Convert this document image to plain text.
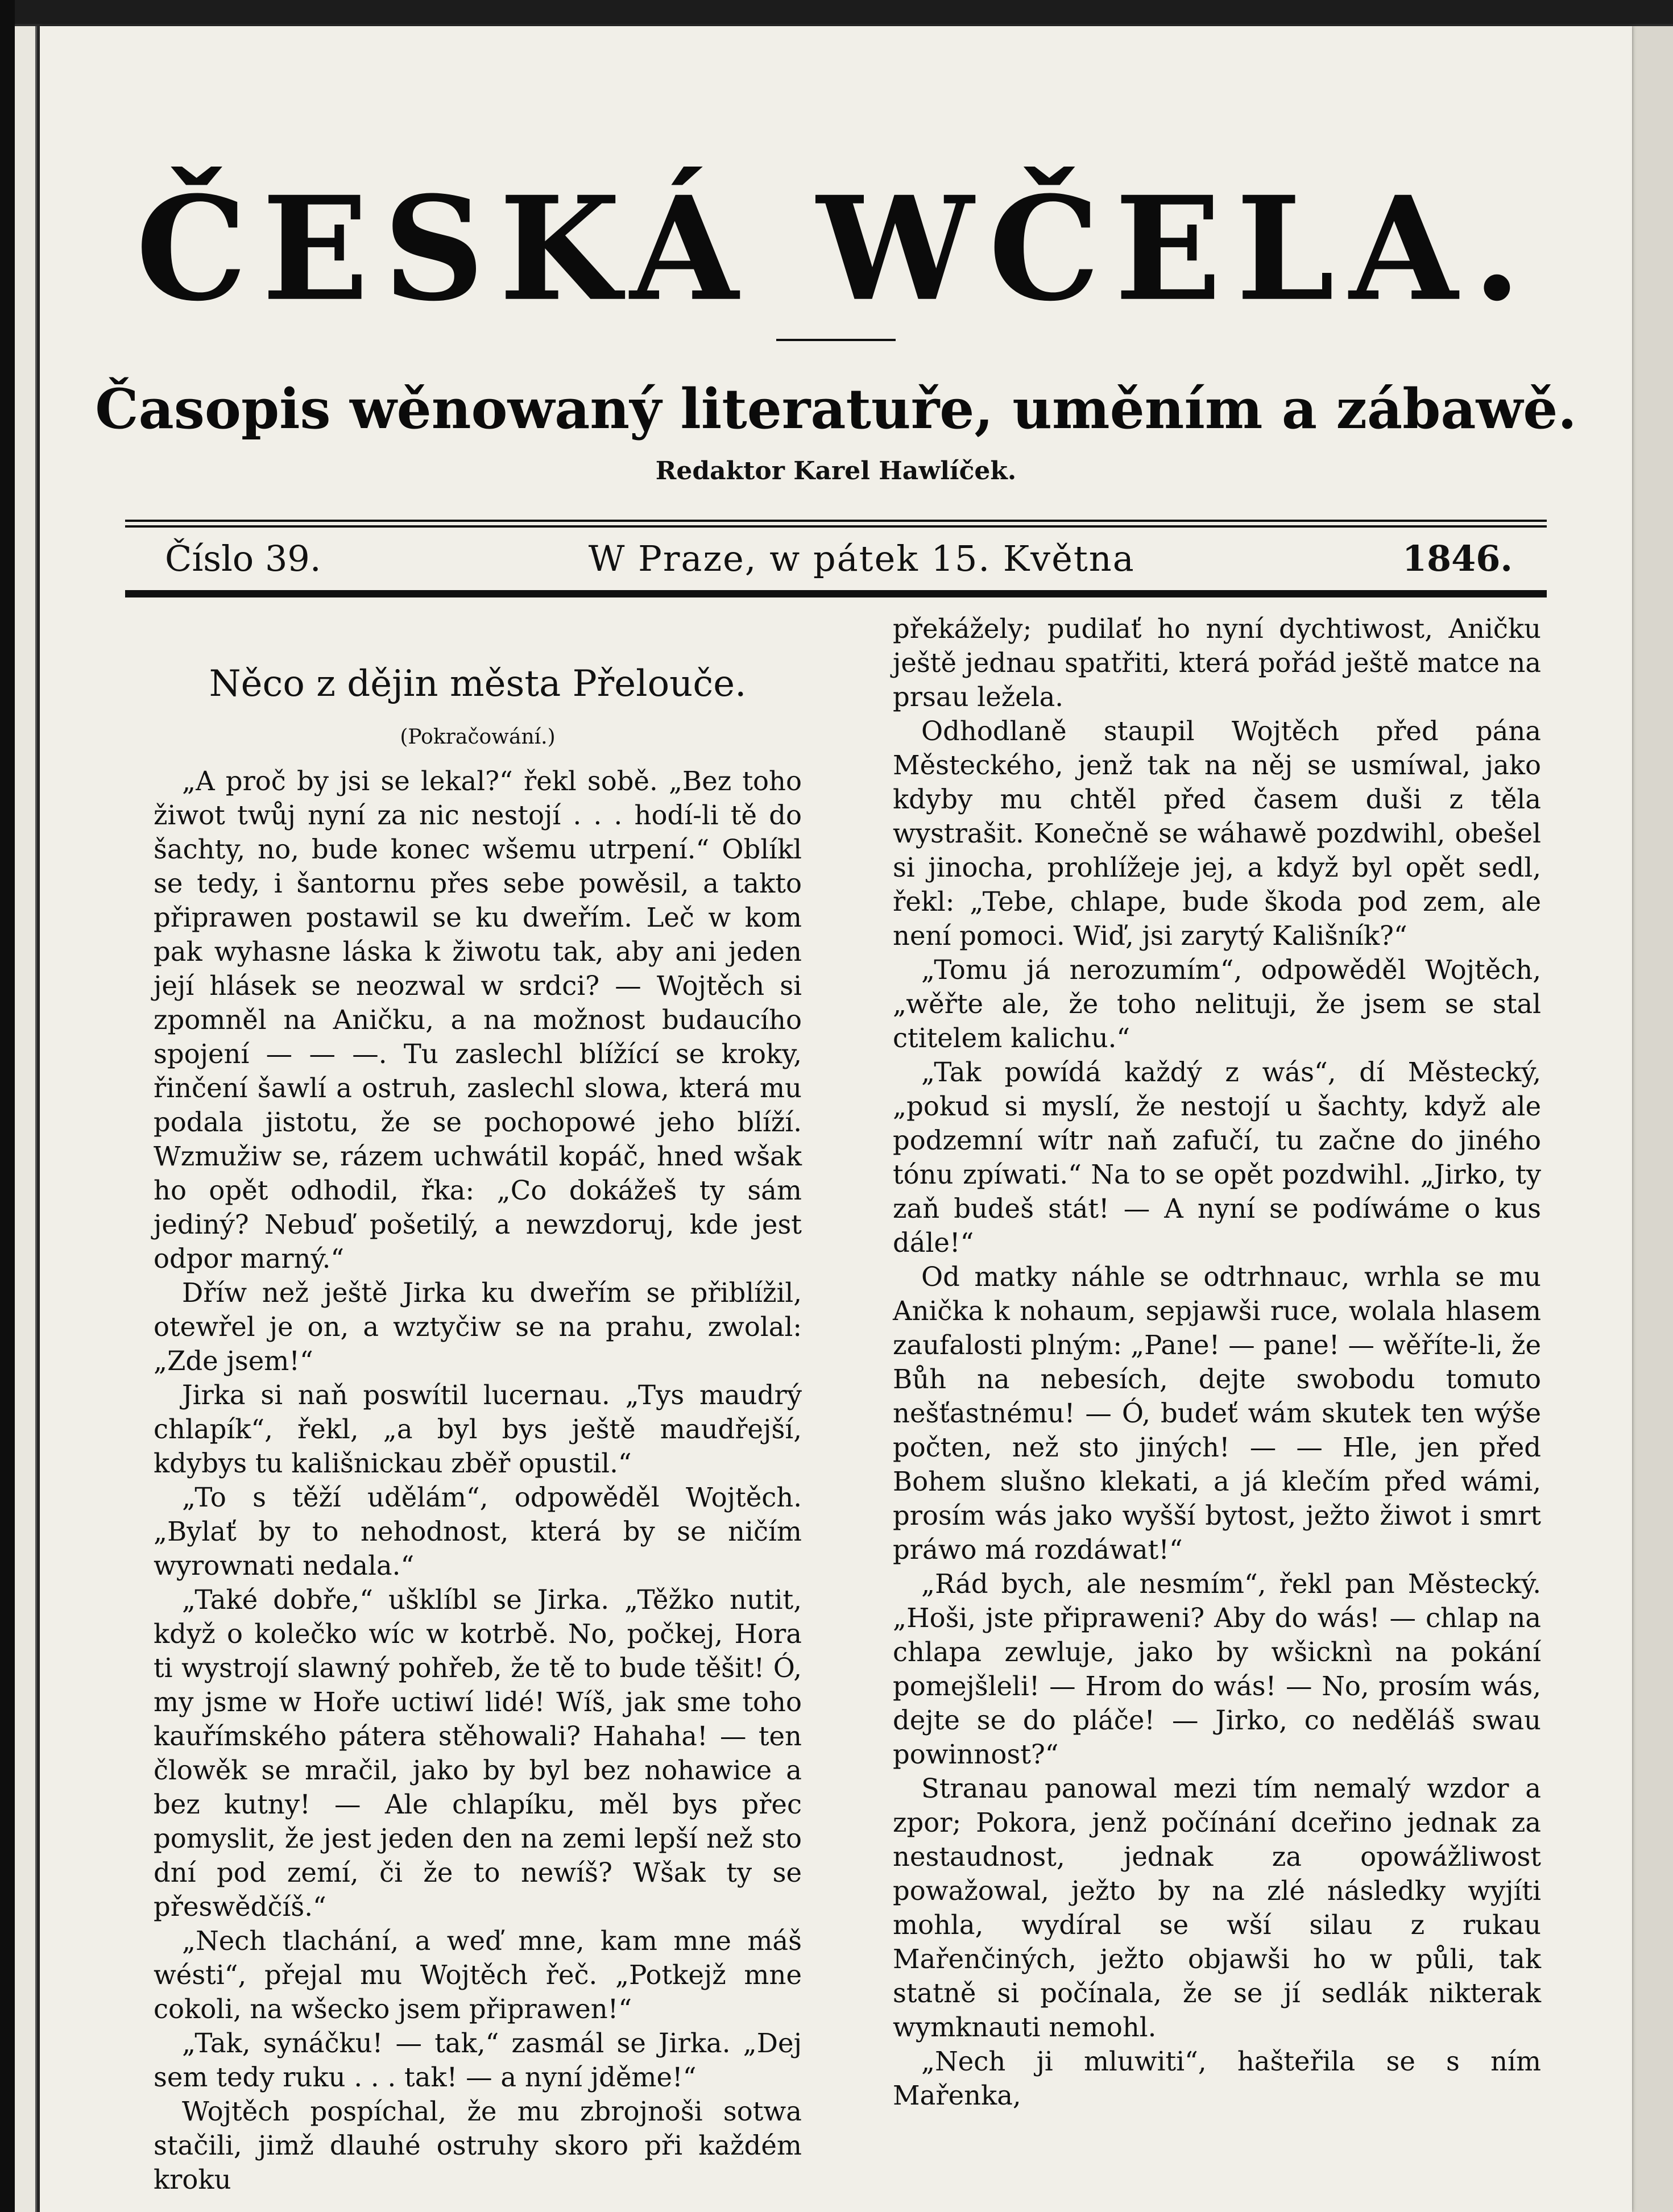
ČESKÁ WČELA.
Časopis wěnowaný literatuře, uměním a zábawě.
Redaktor Karel Hawlíček.
Číslo 39.	W Praze, w pátek 15. Května	1846.
Něco z dějin města Přelouče.
(Pokračowání.)

„A proč by jsi se lekal?“ řekl sobě. „Bez toho žiwot twůj nyní za nic nestojí . . . hodí-li tě do šachty, no, bude konec wšemu utrpení.“ Oblíkl se tedy, i šantornu přes sebe powěsil, a takto připrawen postawil se ku dweřím. Leč w kom pak wyhasne láska k žiwotu tak, aby ani jeden její hlásek se neozwal w srdci? — Wojtěch si zpomněl na Aničku, a na možnost budaucího spojení — — —. Tu zaslechl blížící se kroky, řinčení šawlí a ostruh, zaslechl slowa, která mu podala jistotu, že se pochopowé jeho blíží. Wzmužiw se, rázem uchwátil kopáč, hned wšak ho opět odhodil, řka: „Co dokážeš ty sám jediný? Nebuď pošetilý, a newzdoruj, kde jest odpor marný.“

Dříw než ještě Jirka ku dweřím se přiblížil, otewřel je on, a wztyčiw se na prahu, zwolal: „Zde jsem!“

Jirka si naň poswítil lucernau. „Tys maudrý chlapík“, řekl, „a byl bys ještě maudřejší, kdybys tu kališnickau zběř opustil.“

„To s těží udělám“, odpowěděl Wojtěch. „Bylať by to nehodnost, která by se ničím wyrownati nedala.“

„Také dobře,“ ušklíbl se Jirka. „Těžko nutit, když o kolečko wíc w kotrbě. No, počkej, Hora ti wystrojí slawný pohřeb, že tě to bude těšit! Ó, my jsme w Hoře uctiwí lidé! Wíš, jak sme toho kauřímského pátera stěhowali? Hahaha! — ten člowěk se mračil, jako by byl bez nohawice a bez kutny! — Ale chlapíku, měl bys přec pomyslit, že jest jeden den na zemi lepší než sto dní pod zemí, či že to newíš? Wšak ty se přeswědčíš.“

„Nech tlachání, a weď mne, kam mne máš wésti“, přejal mu Wojtěch řeč. „Potkejž mne cokoli, na wšecko jsem připrawen!“

„Tak, synáčku! — tak,“ zasmál se Jirka. „Dej sem tedy ruku . . . tak! — a nyní jděme!“

Wojtěch pospíchal, že mu zbrojnoši sotwa stačili, jimž dlauhé ostruhy skoro při každém kroku

překážely; pudilať ho nyní dychtiwost, Aničku ještě jednau spatřiti, která pořád ještě matce na prsau ležela.

Odhodlaně staupil Wojtěch před pána Městeckého, jenž tak na něj se usmíwal, jako kdyby mu chtěl před časem duši z těla wystrašit. Konečně se wáhawě pozdwihl, obešel si jinocha, prohlížeje jej, a když byl opět sedl, řekl: „Tebe, chlape, bude škoda pod zem, ale není pomoci. Wiď, jsi zarytý Kališník?“

„Tomu já nerozumím“, odpowěděl Wojtěch, „wěřte ale, že toho nelituji, že jsem se stal ctitelem kalichu.“

„Tak powídá každý z wás“, dí Městecký, „pokud si myslí, že nestojí u šachty, když ale podzemní wítr naň zafučí, tu začne do jiného tónu zpíwati.“ Na to se opět pozdwihl. „Jirko, ty zaň budeš stát! — A nyní se podíwáme o kus dále!“

Od matky náhle se odtrhnauc, wrhla se mu Anička k nohaum, sepjawši ruce, wolala hlasem zaufalosti plným: „Pane! — pane! — wěříte-li, že Bůh na nebesích, dejte swobodu tomuto nešťastnému! — Ó, budeť wám skutek ten wýše počten, než sto jiných! — — Hle, jen před Bohem slušno klekati, a já klečím před wámi, prosím wás jako wyšší bytost, ježto žiwot i smrt práwo má rozdáwat!“

„Rád bych, ale nesmím“, řekl pan Městecký. „Hoši, jste připraweni? Aby do wás! — chlap na chlapa zewluje, jako by wšicknì na pokání pomejšleli! — Hrom do wás! — No, prosím wás, dejte se do pláče! — Jirko, co neděláš swau powinnost?“

Stranau panowal mezi tím nemalý wzdor a zpor; Pokora, jenž počínání dceřino jednak za nestaudnost, jednak za opowážliwost powažowal, ježto by na zlé následky wyjíti mohla, wydíral se wší silau z rukau Mařenčiných, ježto objawši ho w půli, tak statně si počínala, že se jí sedlák nikterak wymknauti nemohl.

„Nech ji mluwiti“, hašteřila se s ním Mařenka,
